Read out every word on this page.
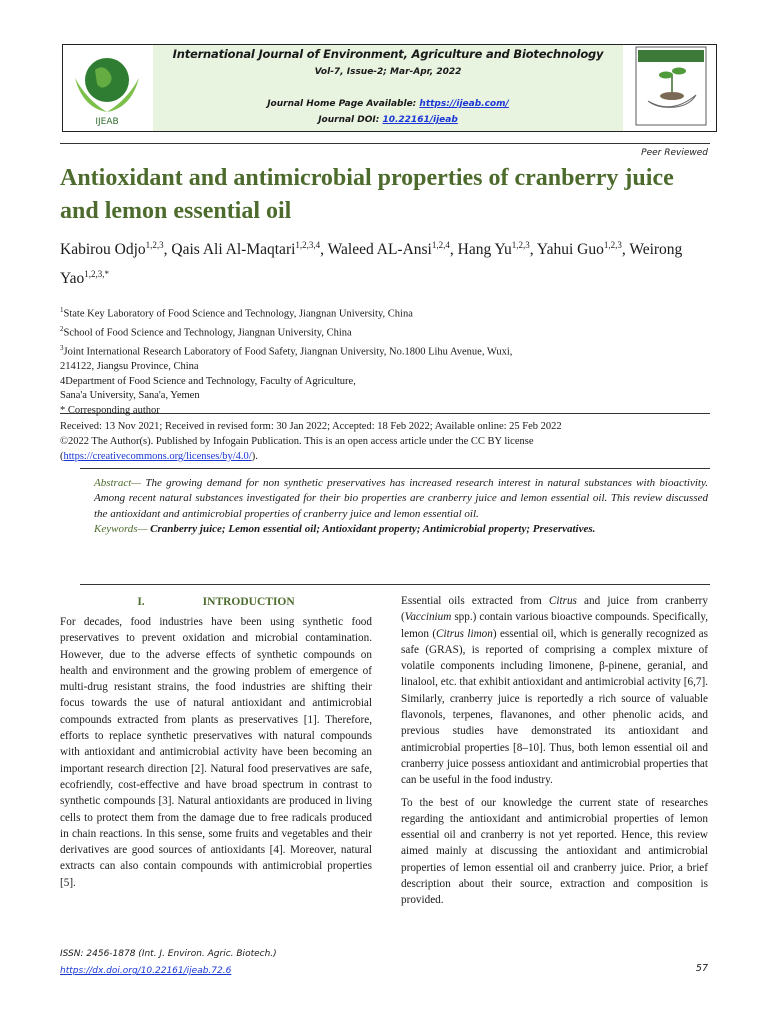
IJEAB
International Journal of Environment, Agriculture and Biotechnology
Vol-7, Issue-2; Mar-Apr, 2022
Journal Home Page Available: https://ijeab.com/
Journal DOI: 10.22161/ijeab
Peer Reviewed
Antioxidant and antimicrobial properties of cranberry juice and lemon essential oil
Kabirou Odjo$^{1,2,3}$, Qais Ali Al-Maqtari$^{1,2,3,4}$, Waleed AL-Ansi$^{1,2,4}$, Hang Yu$^{1,2,3}$, Yahui Guo$^{1,2,3}$, Weirong Yao$^{1,2,3,*}$
$^1$State Key Laboratory of Food Science and Technology, Jiangnan University, China
$^2$School of Food Science and Technology, Jiangnan University, China
$^3$Joint International Research Laboratory of Food Safety, Jiangnan University, No.1800 Lihu Avenue, Wuxi, 214122, Jiangsu Province, China
4Department of Food Science and Technology, Faculty of Agriculture, Sana'a University, Sana'a, Yemen
* Corresponding author
Received: 13 Nov 2021; Received in revised form: 30 Jan 2022; Accepted: 18 Feb 2022; Available online: 25 Feb 2022
©2022 The Author(s). Published by Infogain Publication. This is an open access article under the CC BY license
(https://creativecommons.org/licenses/by/4.0/).
Abstract— The growing demand for non synthetic preservatives has increased research interest in natural substances with bioactivity. Among recent natural substances investigated for their bio properties are cranberry juice and lemon essential oil. This review discussed the antioxidant and antimicrobial properties of cranberry juice and lemon essential oil.
Keywords— Cranberry juice; Lemon essential oil; Antioxidant property; Antimicrobial property; Preservatives.
I.	INTRODUCTION

For decades, food industries have been using synthetic food preservatives to prevent oxidation and microbial contamination. However, due to the adverse effects of synthetic compounds on health and environment and the growing problem of emergence of multi-drug resistant strains, the food industries are shifting their focus towards the use of natural antioxidant and antimicrobial compounds extracted from plants as preservatives [1]. Therefore, efforts to replace synthetic preservatives with natural compounds with antioxidant and antimicrobial activity have been becoming an important research direction [2]. Natural food preservatives are safe, ecofriendly, cost-effective and have broad spectrum in contrast to synthetic compounds [3]. Natural antioxidants are produced in living cells to protect them from the damage due to free radicals produced in chain reactions. In this sense, some fruits and vegetables and their derivatives are good sources of antioxidants [4]. Moreover, natural extracts can also contain compounds with antimicrobial properties [5].

Essential oils extracted from Citrus and juice from cranberry (Vaccinium spp.) contain various bioactive compounds. Specifically, lemon (Citrus limon) essential oil, which is generally recognized as safe (GRAS), is reported of comprising a complex mixture of volatile components including limonene, β-pinene, geranial, and linalool, etc. that exhibit antioxidant and antimicrobial activity [6,7]. Similarly, cranberry juice is reportedly a rich source of valuable flavonols, terpenes, flavanones, and other phenolic acids, and previous studies have demonstrated its antioxidant and antimicrobial properties [8–10]. Thus, both lemon essential oil and cranberry juice possess antioxidant and antimicrobial properties that can be useful in the food industry.

To the best of our knowledge the current state of researches regarding the antioxidant and antimicrobial properties of lemon essential oil and cranberry is not yet reported. Hence, this review aimed mainly at discussing the antioxidant and antimicrobial properties of lemon essential oil and cranberry juice. Prior, a brief description about their source, extraction and composition is provided.

ISSN: 2456-1878 (Int. J. Environ. Agric. Biotech.)
https://dx.doi.org/10.22161/ijeab.72.6	57
